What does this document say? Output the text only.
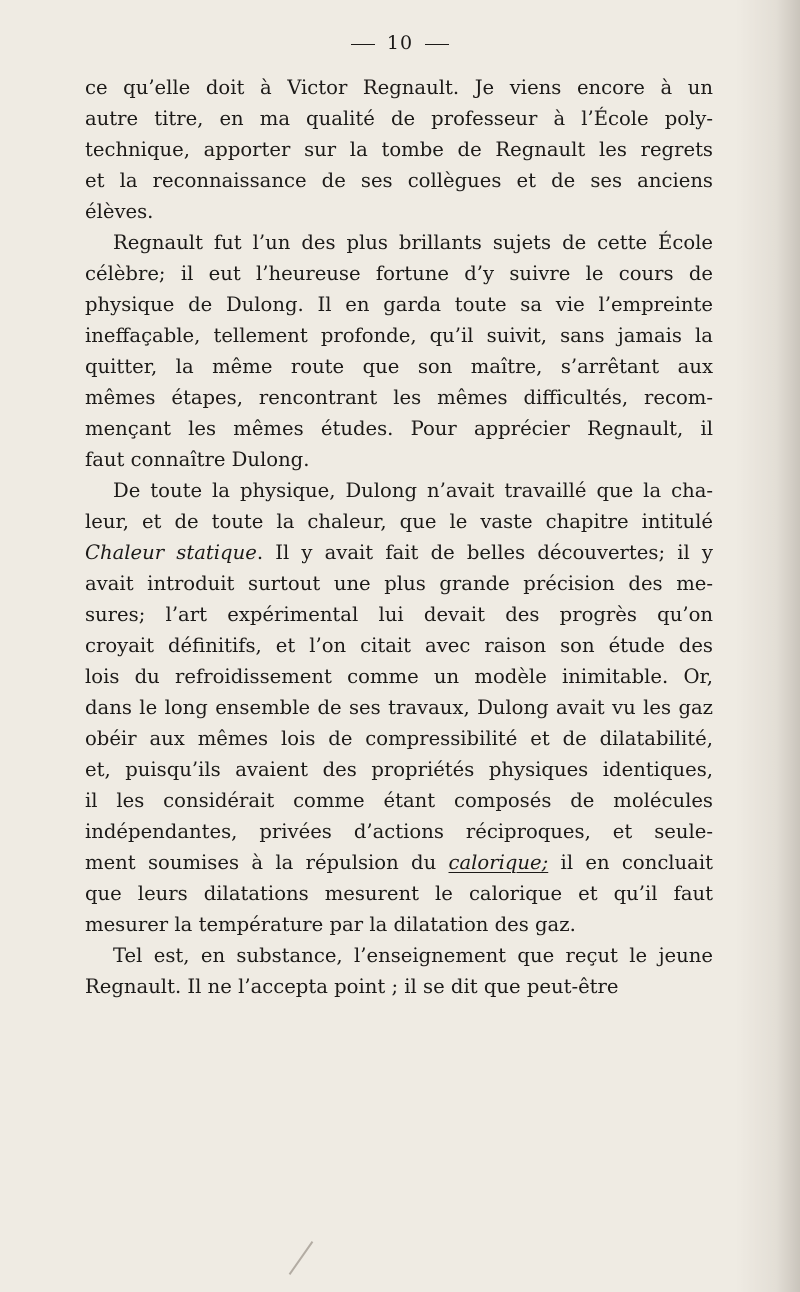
10
ce qu’elle doit à Victor Regnault. Je viens encore à un
autre titre, en ma qualité de professeur à l’École poly-
technique, apporter sur la tombe de Regnault les regrets
et la reconnaissance de ses collègues et de ses anciens
élèves.
Regnault fut l’un des plus brillants sujets de cette École
célèbre; il eut l’heureuse fortune d’y suivre le cours de
physique de Dulong. Il en garda toute sa vie l’empreinte
ineffaçable, tellement profonde, qu’il suivit, sans jamais la
quitter, la même route que son maître, s’arrêtant aux
mêmes étapes, rencontrant les mêmes difficultés, recom-
mençant les mêmes études. Pour apprécier Regnault, il
faut connaître Dulong.
De toute la physique, Dulong n’avait travaillé que la cha-
leur, et de toute la chaleur, que le vaste chapitre intitulé
Chaleur statique. Il y avait fait de belles découvertes; il y
avait introduit surtout une plus grande précision des me-
sures; l’art expérimental lui devait des progrès qu’on
croyait définitifs, et l’on citait avec raison son étude des
lois du refroidissement comme un modèle inimitable. Or,
dans le long ensemble de ses travaux, Dulong avait vu les gaz
obéir aux mêmes lois de compressibilité et de dilatabilité,
et, puisqu’ils avaient des propriétés physiques identiques,
il les considérait comme étant composés de molécules
indépendantes, privées d’actions réciproques, et seule-
ment soumises à la répulsion du calorique; il en concluait
que leurs dilatations mesurent le calorique et qu’il faut
mesurer la température par la dilatation des gaz.
Tel est, en substance, l’enseignement que reçut le jeune
Regnault. Il ne l’accepta point ; il se dit que peut-être
